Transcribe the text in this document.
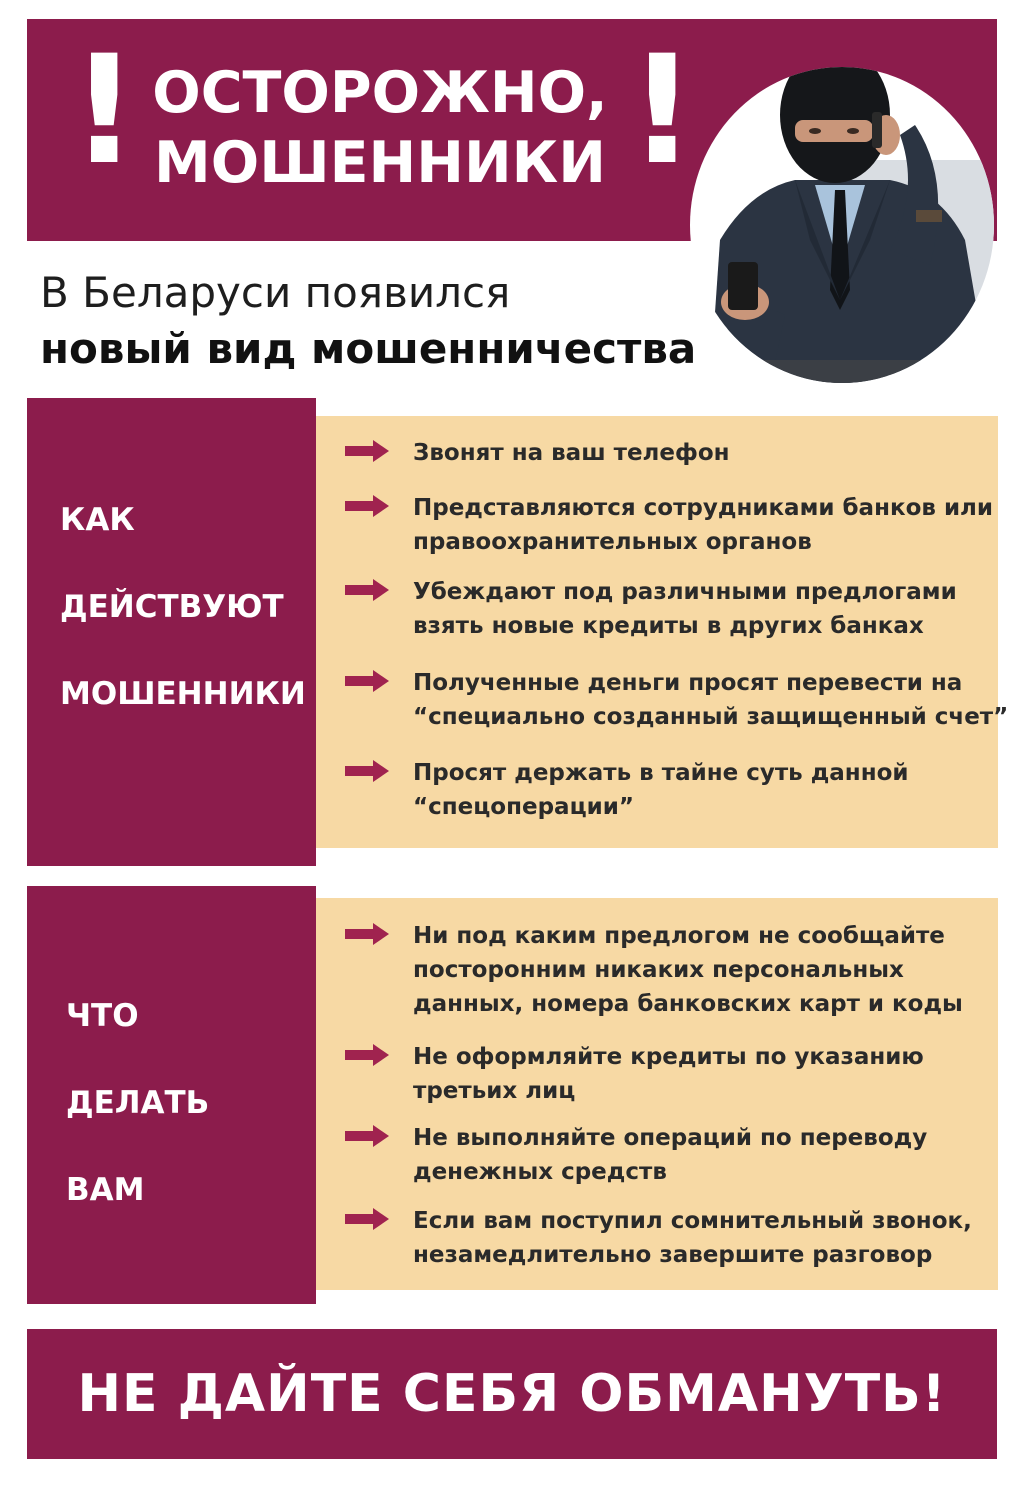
! ОСТОРОЖНО,
МОШЕННИКИ !
В Беларуси появился
новый вид мошенничества
КАК
ДЕЙСТВУЮТ
МОШЕННИКИ
Звонят на ваш телефон
Представляются сотрудниками банков или
правоохранительных органов
Убеждают под различными предлогами
взять новые кредиты в других банках
Полученные деньги просят перевести на
“специально созданный защищенный счет”
Просят держать в тайне суть данной
“спецоперации”
ЧТО
ДЕЛАТЬ
ВАМ
Ни под каким предлогом не сообщайте
посторонним никаких персональных
данных, номера банковских карт и коды
Не оформляйте кредиты по указанию
третьих лиц
Не выполняйте операций по переводу
денежных средств
Если вам поступил сомнительный звонок,
незамедлительно завершите разговор
НЕ ДАЙТЕ СЕБЯ ОБМАНУТЬ!
